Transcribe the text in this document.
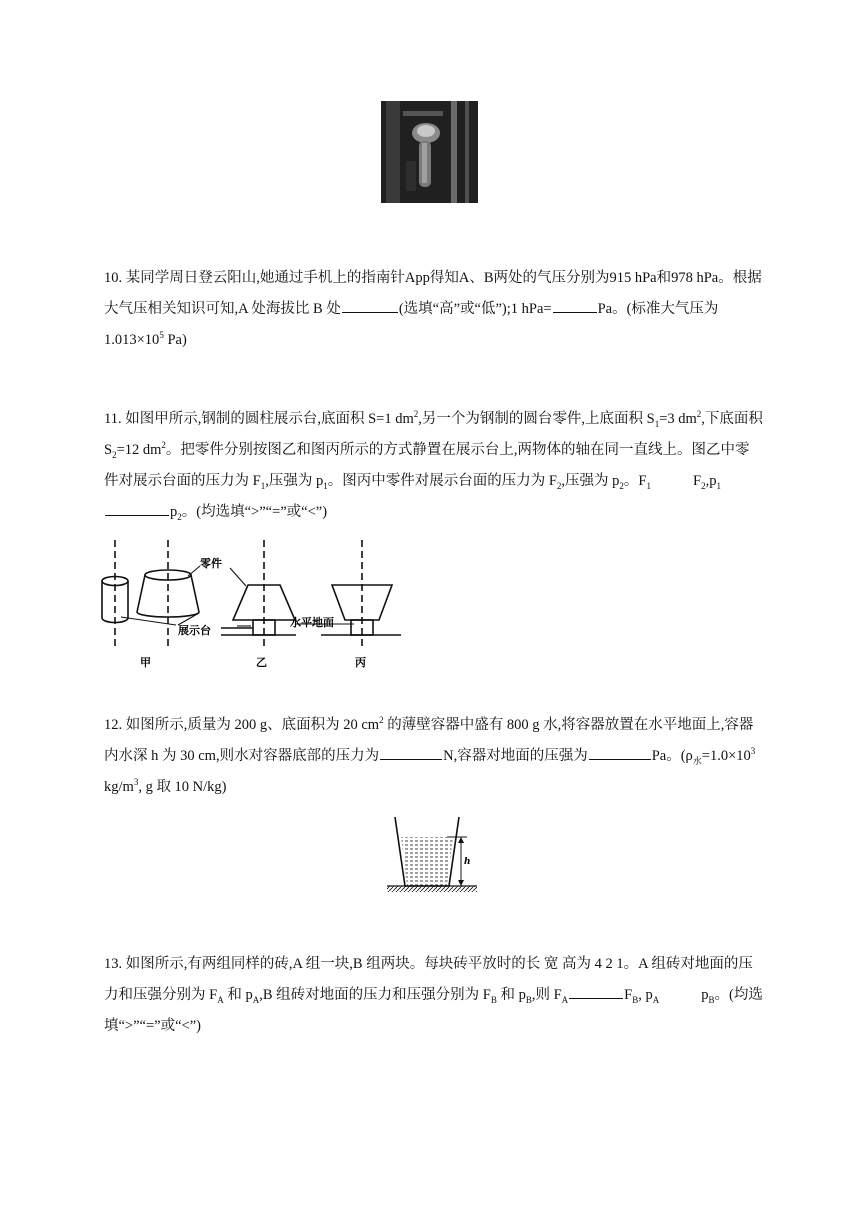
10. 某同学周日登云阳山,她通过手机上的指南针App得知A、B两处的气压分别为915 hPa和978 hPa。根据大气压相关知识可知,A 处海拔比 B 处	(选填“高”或“低”);1 hPa=	Pa。(标准大气压为 $1.013\times 10^5$ Pa)
11. 如图甲所示,钢制的圆柱展示台,底面积 S=1 $dm^2$,另一个为钢制的圆台零件,上底面积 $S_1=3$ $dm^2$,下底面积 $S_2=12$ $dm^2$。把零件分别按图乙和图丙所示的方式静置在展示台上,两物体的轴在同一直线上。图乙中零件对展示台面的压力为 $F_1$,压强为 $p_1$。图丙中零件对展示台面的压力为 $F_2$,压强为 $p_2$。$F_1$	$F_2,p_1p_2$。(均选填“>”“=”或“<”)
零件
展示台
水平地面
甲	乙	丙
12. 如图所示,质量为 200 g、底面积为 20 $cm^2$ 的薄壁容器中盛有 800 g 水,将容器放置在水平地面上,容器内水深 h 为 30 cm,则水对容器底部的压力为	N,容器对地面的压强为	Pa。($\rho_水=1.0\times 10^3$ $kg/m^3$, g 取 10 N/kg)
h
13. 如图所示,有两组同样的砖,A 组一块,B 组两块。每块砖平放时的长 宽 高为 4 2 1。A 组砖对地面的压力和压强分别为 $F_A$ 和 $p_A,B$ 组砖对地面的压力和压强分别为 $F_B$ 和 $p_B$,则 $F_A$	$F_B$, $p_A$	$p_B$。(均选填“>”“=”或“<”)
